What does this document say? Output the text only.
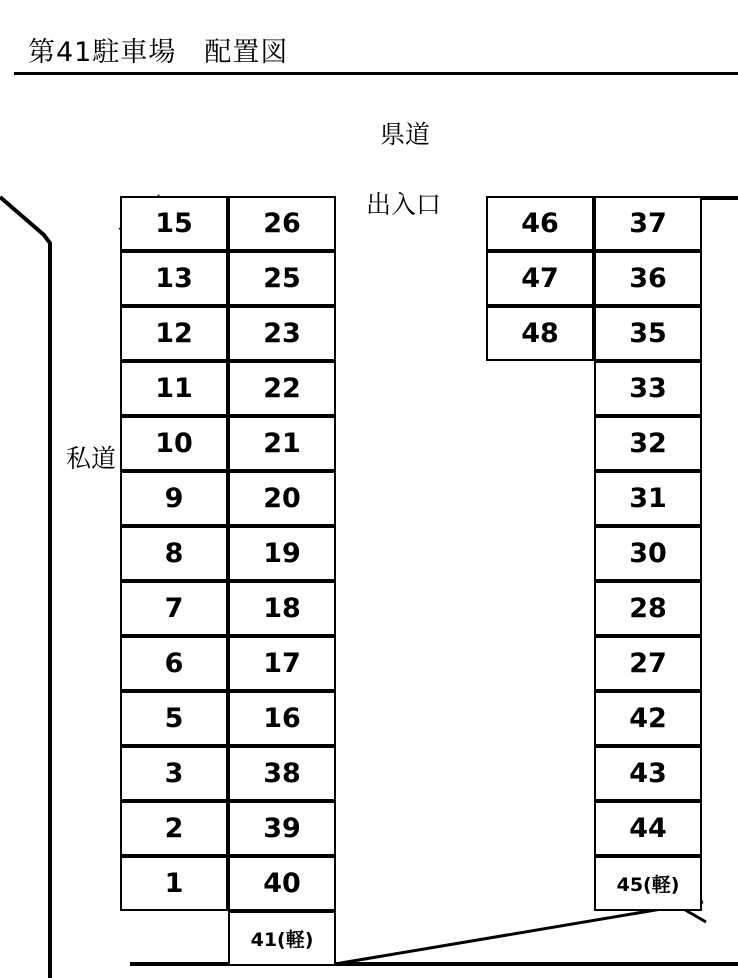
第41駐車場　配置図
県道
出入口
私道
15
13
12
11
10
9
8
7
6
5
3
2
1
26
25
23
22
21
20
19
18
17
16
38
39
40
41(軽)
46
47
48
37
36
35
33
32
31
30
28
27
42
43
44
45(軽)
